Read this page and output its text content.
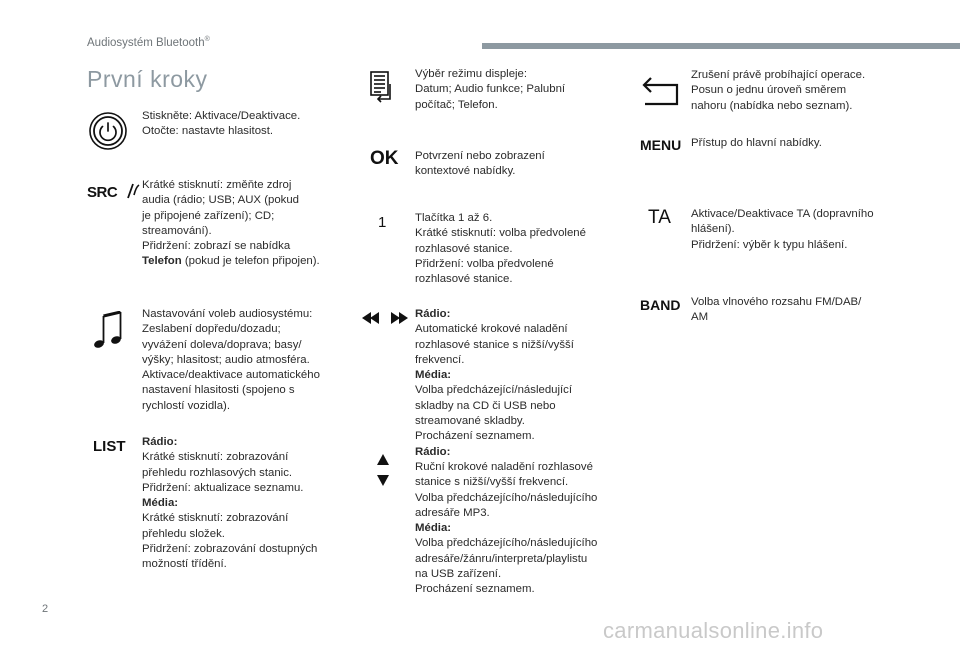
Audiosystém Bluetooth®
První kroky
Stiskněte: Aktivace/Deaktivace.
Otočte: nastavte hlasitost.
SRC	Krátké stisknutí: změňte zdroj
audia (rádio; USB; AUX (pokud
je připojené zařízení); CD;
streamování).
Přidržení: zobrazí se nabídka
Telefon (pokud je telefon připojen).
Nastavování voleb audiosystému:
Zeslabení dopředu/dozadu;
vyvážení doleva/doprava; basy/
výšky; hlasitost; audio atmosféra.
Aktivace/deaktivace automatického
nastavení hlasitosti (spojeno s
rychlostí vozidla).
LIST Rádio:
Krátké stisknutí: zobrazování
přehledu rozhlasových stanic.
Přidržení: aktualizace seznamu.
Média:
Krátké stisknutí: zobrazování
přehledu složek.
Přidržení: zobrazování dostupných
možností třídění.
Výběr režimu displeje:
Datum; Audio funkce; Palubní
počítač; Telefon.
OK Potvrzení nebo zobrazení
kontextové nabídky.
1	Tlačítka 1 až 6.
Krátké stisknutí: volba předvolené
rozhlasové stanice.
Přidržení: volba předvolené
rozhlasové stanice.
Rádio:
Automatické krokové naladění
rozhlasové stanice s nižší/vyšší
frekvencí.
Média:
Volba předcházející/následující
skladby na CD či USB nebo
streamované skladby.
Procházení seznamem.
Rádio:
Ruční krokové naladění rozhlasové
stanice s nižší/vyšší frekvencí.
Volba předcházejícího/následujícího
adresáře MP3.
Média:
Volba předcházejícího/následujícího
adresáře/žánru/interpreta/playlistu
na USB zařízení.
Procházení seznamem.
Zrušení právě probíhající operace.
Posun o jednu úroveň směrem
nahoru (nabídka nebo seznam).
MENU Přístup do hlavní nabídky.
TA Aktivace/Deaktivace TA (dopravního
hlášení).
Přidržení: výběr k typu hlášení.
BAND Volba vlnového rozsahu FM/DAB/
AM
2
carmanualsonline.info
